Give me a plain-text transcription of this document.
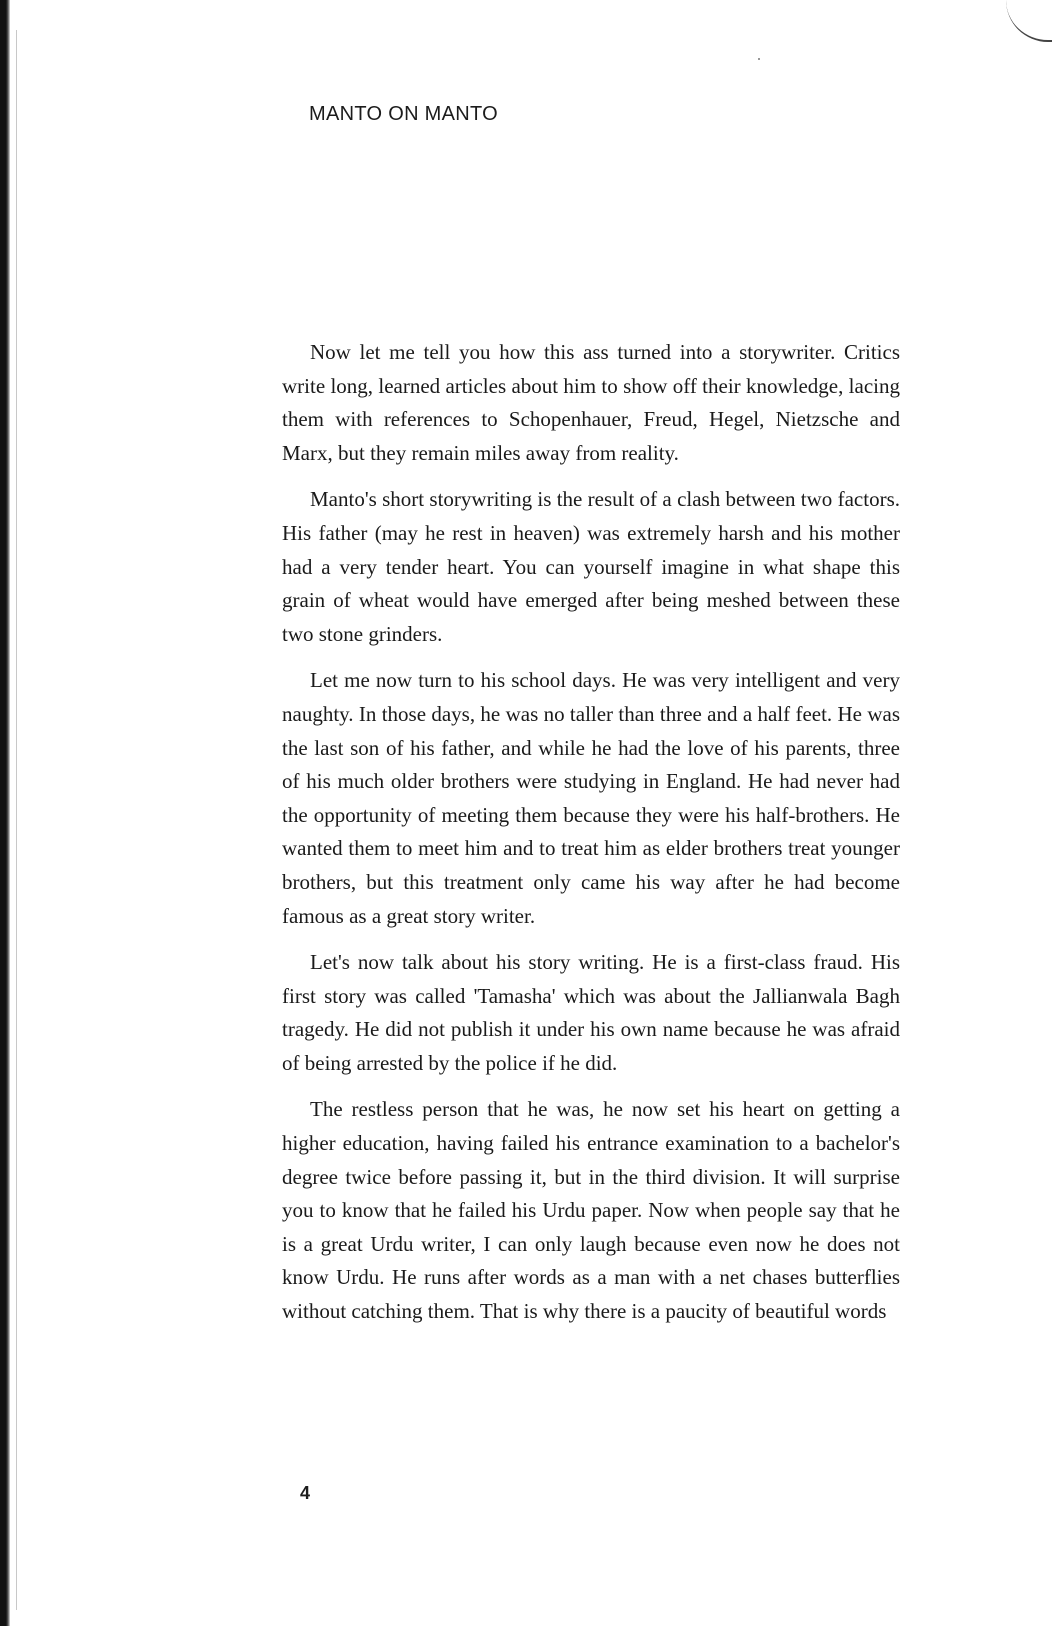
MANTO ON MANTO

Now let me tell you how this ass turned into a storywriter. Critics write long, learned articles about him to show off their knowledge, lacing them with references to Schopenhauer, Freud, Hegel, Nietzsche and Marx, but they remain miles away from reality.

Manto's short storywriting is the result of a clash between two factors. His father (may he rest in heaven) was extremely harsh and his mother had a very tender heart. You can yourself imagine in what shape this grain of wheat would have emerged after being meshed between these two stone grinders.

Let me now turn to his school days. He was very intelligent and very naughty. In those days, he was no taller than three and a half feet. He was the last son of his father, and while he had the love of his parents, three of his much older brothers were studying in England. He had never had the opportunity of meeting them because they were his half-brothers. He wanted them to meet him and to treat him as elder brothers treat younger brothers, but this treatment only came his way after he had become famous as a great story writer.

Let's now talk about his story writing. He is a first-class fraud. His first story was called 'Tamasha' which was about the Jallianwala Bagh tragedy. He did not publish it under his own name because he was afraid of being arrested by the police if he did.

The restless person that he was, he now set his heart on getting a higher education, having failed his entrance examination to a bachelor's degree twice before passing it, but in the third division. It will surprise you to know that he failed his Urdu paper. Now when people say that he is a great Urdu writer, I can only laugh because even now he does not know Urdu. He runs after words as a man with a net chases butterflies without catching them. That is why there is a paucity of beautiful words

4
